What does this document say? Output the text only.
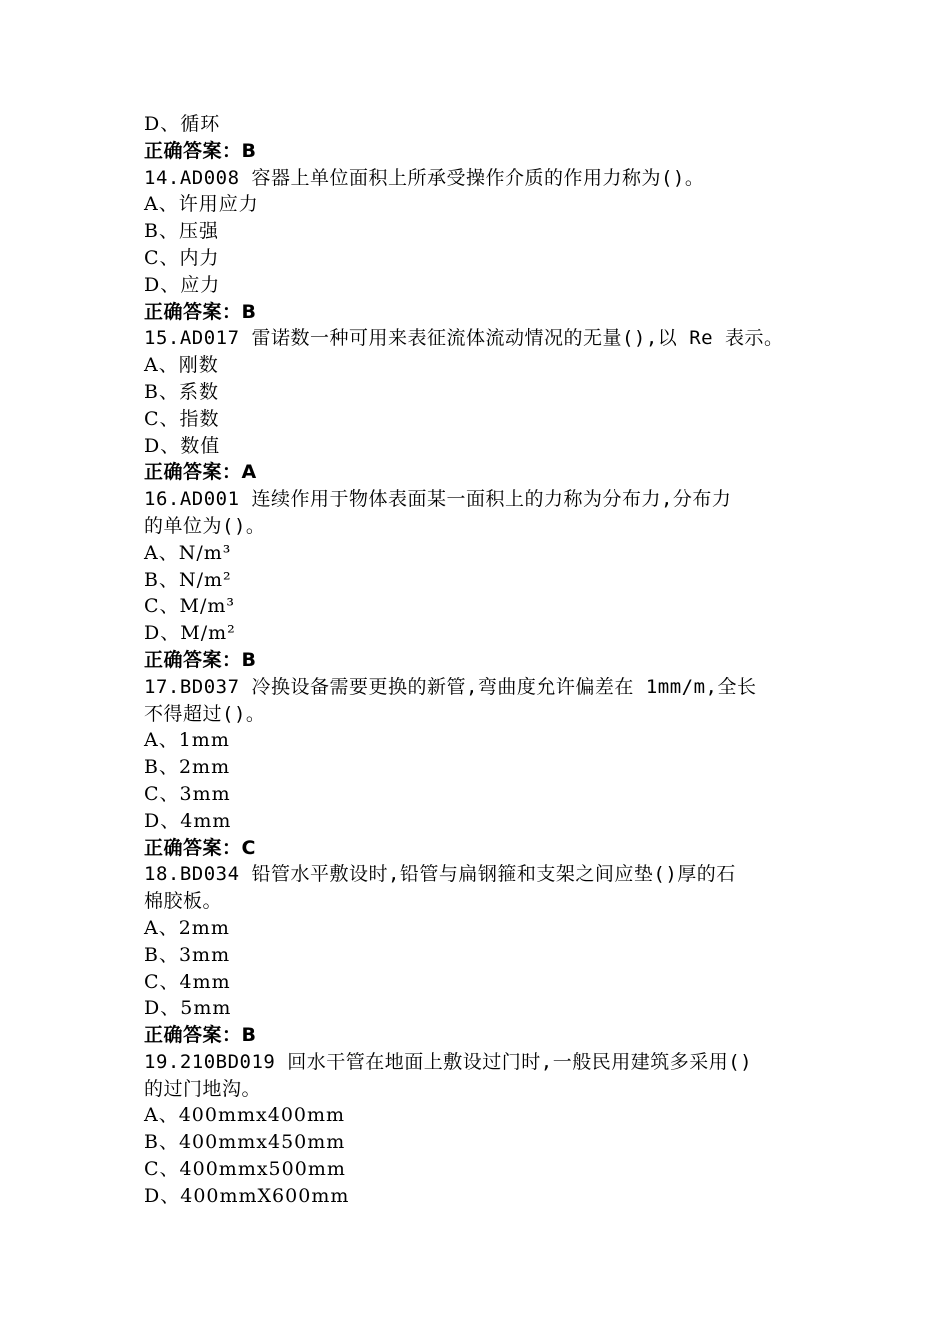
D、循环
正确答案：B
14.AD008 容器上单位面积上所承受操作介质的作用力称为()。
A、许用应力
B、压强
C、内力
D、应力
正确答案：B
15.AD017 雷诺数一种可用来表征流体流动情况的无量(),以 Re 表示。
A、刚数
B、系数
C、指数
D、数值
正确答案：A
16.AD001 连续作用于物体表面某一面积上的力称为分布力,分布力
的单位为()。
A、N/m³
B、N/m²
C、M/m³
D、M/m²
正确答案：B
17.BD037 冷换设备需要更换的新管,弯曲度允许偏差在 1mm/m,全长
不得超过()。
A、1mm
B、2mm
C、3mm
D、4mm
正确答案：C
18.BD034 铅管水平敷设时,铅管与扁钢箍和支架之间应垫()厚的石
棉胶板。
A、2mm
B、3mm
C、4mm
D、5mm
正确答案：B
19.210BD019 回水干管在地面上敷设过门时,一般民用建筑多采用()
的过门地沟。
A、400mmx400mm
B、400mmx450mm
C、400mmx500mm
D、400mmX600mm
